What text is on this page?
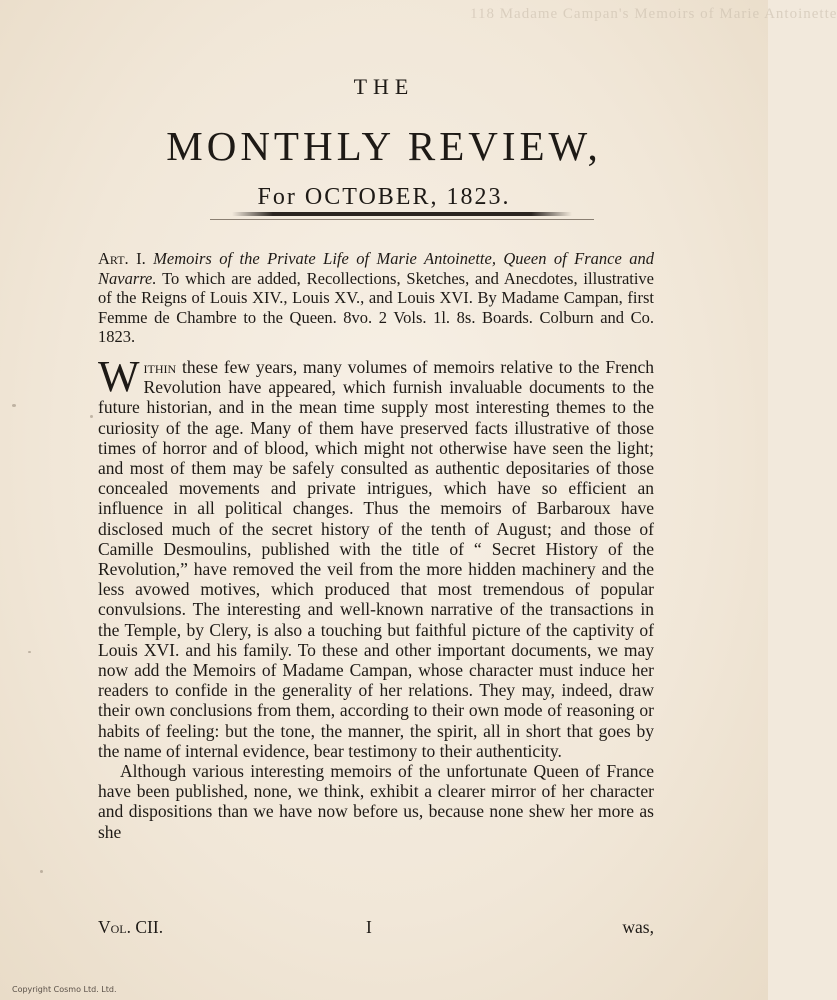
118 Madame Campan's Memoirs of Marie Antoinette
THE
MONTHLY REVIEW,
For OCTOBER, 1823.
Art. I. Memoirs of the Private Life of Marie Antoinette, Queen of France and Navarre. To which are added, Recollections, Sketches, and Anecdotes, illustrative of the Reigns of Louis XIV., Louis XV., and Louis XVI. By Madame Campan, first Femme de Chambre to the Queen. 8vo. 2 Vols. 1l. 8s. Boards. Colburn and Co. 1823.

Within these few years, many volumes of memoirs relative to the French Revolution have appeared, which furnish invaluable documents to the future historian, and in the mean time supply most interesting themes to the curiosity of the age. Many of them have preserved facts illustrative of those times of horror and of blood, which might not otherwise have seen the light; and most of them may be safely consulted as authentic depositaries of those concealed movements and private intrigues, which have so efficient an influence in all political changes. Thus the memoirs of Barbaroux have disclosed much of the secret history of the tenth of August; and those of Camille Desmoulins, published with the title of “ Secret History of the Revolution,” have removed the veil from the more hidden machinery and the less avowed motives, which produced that most tremendous of popular convulsions. The interesting and well-known narrative of the transactions in the Temple, by Clery, is also a touching but faithful picture of the captivity of Louis XVI. and his family. To these and other important documents, we may now add the Memoirs of Madame Campan, whose character must induce her readers to confide in the generality of her relations. They may, indeed, draw their own conclusions from them, according to their own mode of reasoning or habits of feeling: but the tone, the manner, the spirit, all in short that goes by the name of internal evidence, bear testimony to their authenticity.

Although various interesting memoirs of the unfortunate Queen of France have been published, none, we think, exhibit a clearer mirror of her character and dispositions than we have now before us, because none shew her more as she

Vol. CII.	I	was,
Copyright Cosmo Ltd. Ltd.
